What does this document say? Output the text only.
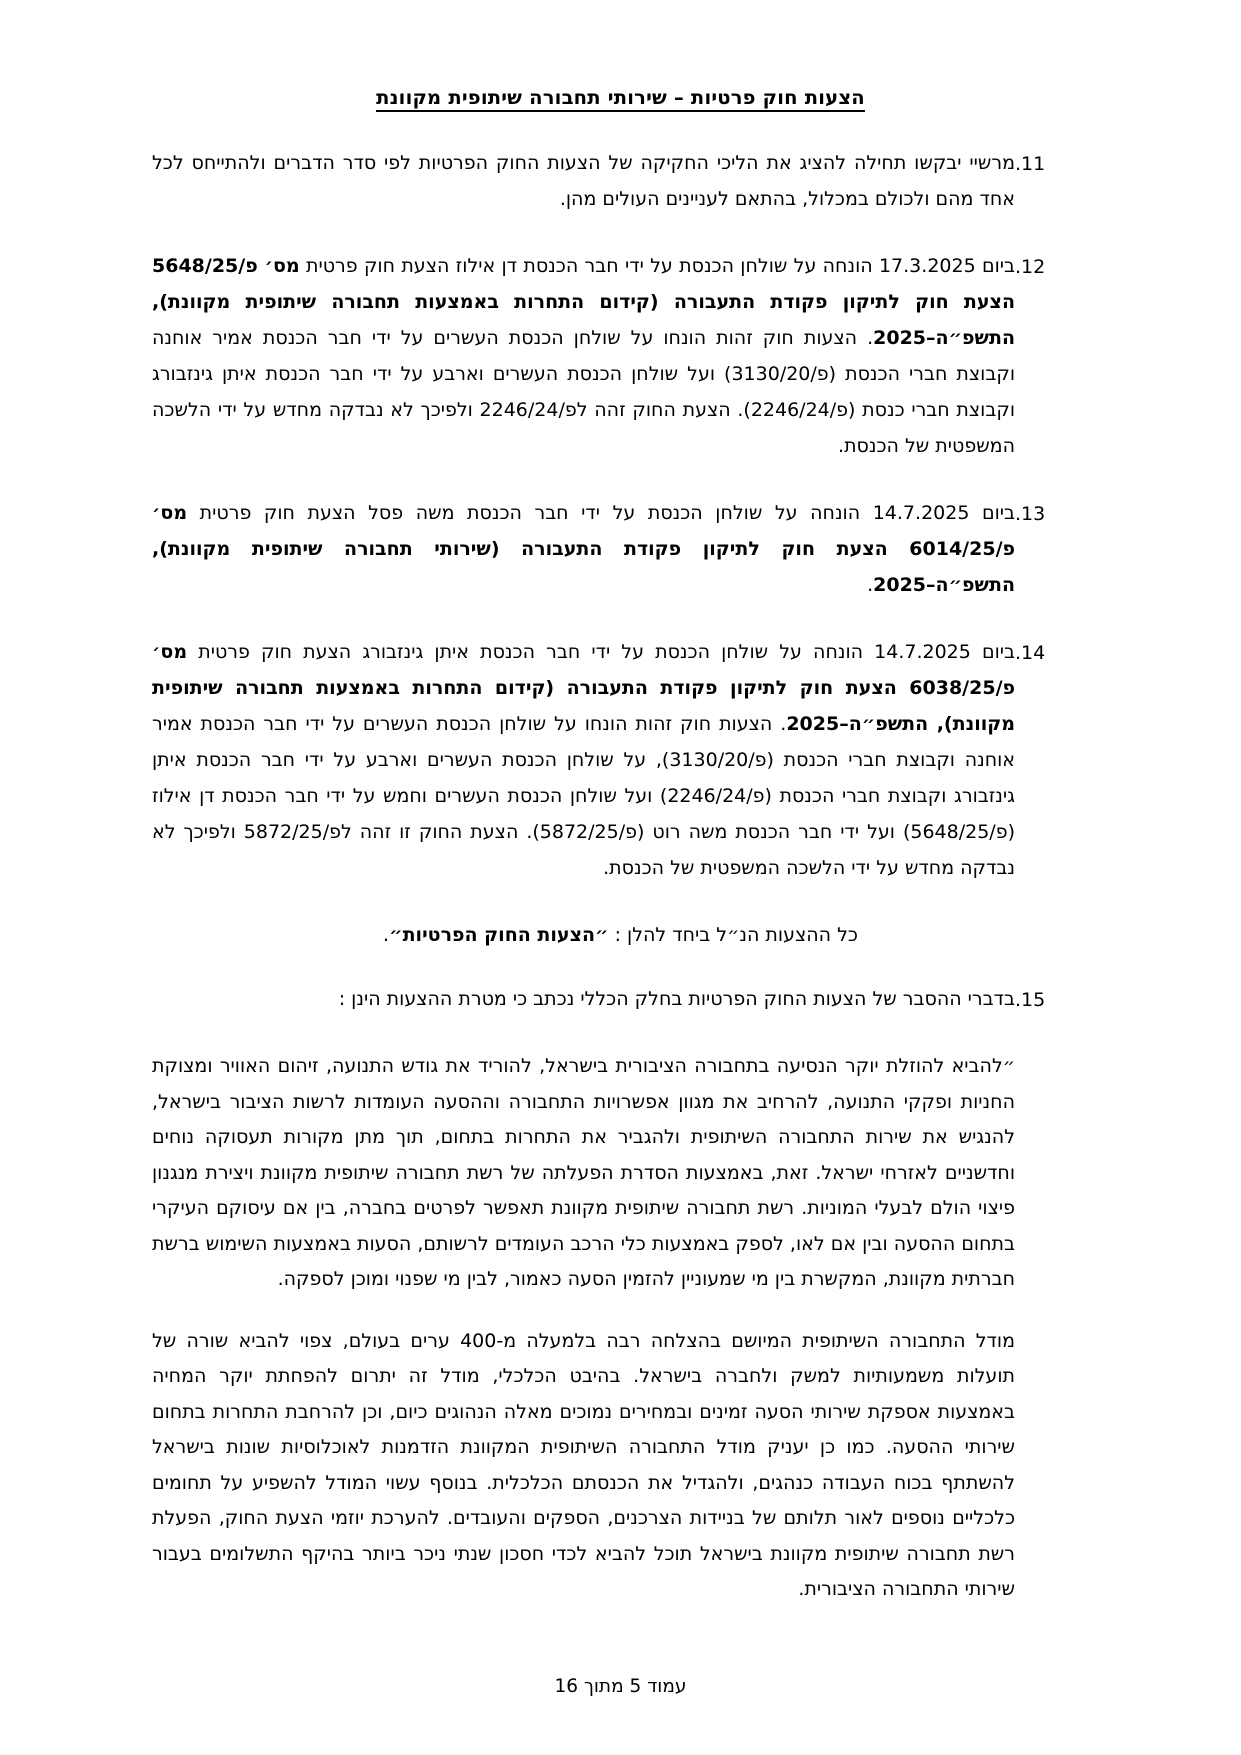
הצעות חוק פרטיות – שירותי תחבורה שיתופית מקוונת
.11
מרשיי יבקשו תחילה להציג את הליכי החקיקה של הצעות החוק הפרטיות לפי סדר הדברים ולהתייחס לכל אחד מהם ולכולם במכלול, בהתאם לעניינים העולים מהן.
.12
ביום 17.3.2025 הונחה על שולחן הכנסת על ידי חבר הכנסת דן אילוז הצעת חוק פרטית מס׳ פ/5648/25 הצעת חוק לתיקון פקודת התעבורה (קידום התחרות באמצעות תחבורה שיתופית מקוונת), התשפ״ה–2025. הצעות חוק זהות הונחו על שולחן הכנסת העשרים על ידי חבר הכנסת אמיר אוחנה וקבוצת חברי הכנסת (פ/3130/20) ועל שולחן הכנסת העשרים וארבע על ידי חבר הכנסת איתן גינזבורג וקבוצת חברי כנסת (פ/2246/24). הצעת החוק זהה לפ/2246/24 ולפיכך לא נבדקה מחדש על ידי הלשכה המשפטית של הכנסת.
.13
ביום 14.7.2025 הונחה על שולחן הכנסת על ידי חבר הכנסת משה פסל הצעת חוק פרטית מס׳ פ/6014/25 הצעת חוק לתיקון פקודת התעבורה (שירותי תחבורה שיתופית מקוונת), התשפ״ה–2025.
.14
ביום 14.7.2025 הונחה על שולחן הכנסת על ידי חבר הכנסת איתן גינזבורג הצעת חוק פרטית מס׳ פ/6038/25 הצעת חוק לתיקון פקודת התעבורה (קידום התחרות באמצעות תחבורה שיתופית מקוונת), התשפ״ה–2025. הצעות חוק זהות הונחו על שולחן הכנסת העשרים על ידי חבר הכנסת אמיר אוחנה וקבוצת חברי הכנסת (פ/3130/20), על שולחן הכנסת העשרים וארבע על ידי חבר הכנסת איתן גינזבורג וקבוצת חברי הכנסת (פ/2246/24) ועל שולחן הכנסת העשרים וחמש על ידי חבר הכנסת דן אילוז (פ/5648/25) ועל ידי חבר הכנסת משה רוט (פ/5872/25). הצעת החוק זו זהה לפ/5872/25 ולפיכך לא נבדקה מחדש על ידי הלשכה המשפטית של הכנסת.
כל ההצעות הנ״ל ביחד להלן : ״הצעות החוק הפרטיות״.
.15
בדברי ההסבר של הצעות החוק הפרטיות בחלק הכללי נכתב כי מטרת ההצעות הינן :

״להביא להוזלת יוקר הנסיעה בתחבורה הציבורית בישראל, להוריד את גודש התנועה, זיהום האוויר ומצוקת החניות ופקקי התנועה, להרחיב את מגוון אפשרויות התחבורה וההסעה העומדות לרשות הציבור בישראל, להנגיש את שירות התחבורה השיתופית ולהגביר את התחרות בתחום, תוך מתן מקורות תעסוקה נוחים וחדשניים לאזרחי ישראל. זאת, באמצעות הסדרת הפעלתה של רשת תחבורה שיתופית מקוונת ויצירת מנגנון פיצוי הולם לבעלי המוניות. רשת תחבורה שיתופית מקוונת תאפשר לפרטים בחברה, בין אם עיסוקם העיקרי בתחום ההסעה ובין אם לאו, לספק באמצעות כלי הרכב העומדים לרשותם, הסעות באמצעות השימוש ברשת חברתית מקוונת, המקשרת בין מי שמעוניין להזמין הסעה כאמור, לבין מי שפנוי ומוכן לספקה.

מודל התחבורה השיתופית המיושם בהצלחה רבה בלמעלה מ-400 ערים בעולם, צפוי להביא שורה של תועלות משמעותיות למשק ולחברה בישראל. בהיבט הכלכלי, מודל זה יתרום להפחתת יוקר המחיה באמצעות אספקת שירותי הסעה זמינים ובמחירים נמוכים מאלה הנהוגים כיום, וכן להרחבת התחרות בתחום שירותי ההסעה. כמו כן יעניק מודל התחבורה השיתופית המקוונת הזדמנות לאוכלוסיות שונות בישראל להשתתף בכוח העבודה כנהגים, ולהגדיל את הכנסתם הכלכלית. בנוסף עשוי המודל להשפיע על תחומים כלכליים נוספים לאור תלותם של בניידות הצרכנים, הספקים והעובדים. להערכת יוזמי הצעת החוק, הפעלת רשת תחבורה שיתופית מקוונת בישראל תוכל להביא לכדי חסכון שנתי ניכר ביותר בהיקף התשלומים בעבור שירותי התחבורה הציבורית.

עמוד 5 מתוך 16
